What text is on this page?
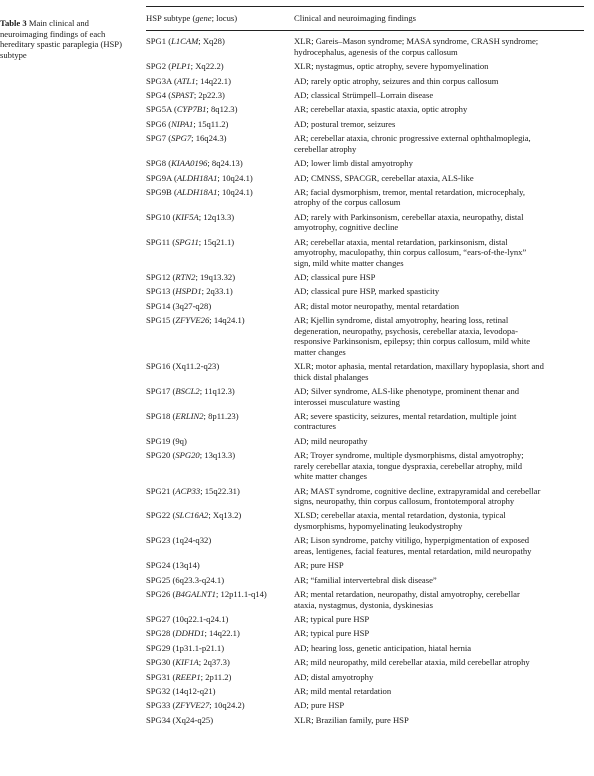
Table 3 Main clinical and neuroimaging findings of each hereditary spastic paraplegia (HSP) subtype
HSP subtype (gene; locus)	Clinical and neuroimaging findings
SPG1 (L1CAM; Xq28)	XLR; Gareis–Mason syndrome; MASA syndrome, CRASH syndrome;
hydrocephalus, agenesis of the corpus callosum
SPG2 (PLP1; Xq22.2)	XLR; nystagmus, optic atrophy, severe hypomyelination
SPG3A (ATL1; 14q22.1)	AD; rarely optic atrophy, seizures and thin corpus callosum
SPG4 (SPAST; 2p22.3)	AD; classical Strümpell–Lorrain disease
SPG5A (CYP7B1; 8q12.3)	AR; cerebellar ataxia, spastic ataxia, optic atrophy
SPG6 (NIPA1; 15q11.2)	AD; postural tremor, seizures
SPG7 (SPG7; 16q24.3)	AR; cerebellar ataxia, chronic progressive external ophthalmoplegia,
cerebellar atrophy
SPG8 (KIAA0196; 8q24.13)	AD; lower limb distal amyotrophy
SPG9A (ALDH18A1; 10q24.1)	AD; CMNSS, SPACGR, cerebellar ataxia, ALS-like
SPG9B (ALDH18A1; 10q24.1)	AR; facial dysmorphism, tremor, mental retardation, microcephaly,
atrophy of the corpus callosum
SPG10 (KIF5A; 12q13.3)	AD; rarely with Parkinsonism, cerebellar ataxia, neuropathy, distal
amyotrophy, cognitive decline
SPG11 (SPG11; 15q21.1)	AR; cerebellar ataxia, mental retardation, parkinsonism, distal
amyotrophy, maculopathy, thin corpus callosum, “ears-of-the-lynx”
sign, mild white matter changes
SPG12 (RTN2; 19q13.32)	AD; classical pure HSP
SPG13 (HSPD1; 2q33.1)	AD; classical pure HSP, marked spasticity
SPG14 (3q27-q28)	AR; distal motor neuropathy, mental retardation
SPG15 (ZFYVE26; 14q24.1)	AR; Kjellin syndrome, distal amyotrophy, hearing loss, retinal
degeneration, neuropathy, psychosis, cerebellar ataxia, levodopa-
responsive Parkinsonism, epilepsy; thin corpus callosum, mild white
matter changes
SPG16 (Xq11.2-q23)	XLR; motor aphasia, mental retardation, maxillary hypoplasia, short and
thick distal phalanges
SPG17 (BSCL2; 11q12.3)	AD; Silver syndrome, ALS-like phenotype, prominent thenar and
interossei musculature wasting
SPG18 (ERLIN2; 8p11.23)	AR; severe spasticity, seizures, mental retardation, multiple joint
contractures
SPG19 (9q)	AD; mild neuropathy
SPG20 (SPG20; 13q13.3)	AR; Troyer syndrome, multiple dysmorphisms, distal amyotrophy;
rarely cerebellar ataxia, tongue dyspraxia, cerebellar atrophy, mild
white matter changes
SPG21 (ACP33; 15q22.31)	AR; MAST syndrome, cognitive decline, extrapyramidal and cerebellar
signs, neuropathy, thin corpus callosum, frontotemporal atrophy
SPG22 (SLC16A2; Xq13.2)	XLSD; cerebellar ataxia, mental retardation, dystonia, typical
dysmorphisms, hypomyelinating leukodystrophy
SPG23 (1q24-q32)	AR; Lison syndrome, patchy vitiligo, hyperpigmentation of exposed
areas, lentigenes, facial features, mental retardation, mild neuropathy
SPG24 (13q14)	AR; pure HSP
SPG25 (6q23.3-q24.1)	AR; “familial intervertebral disk disease”
SPG26 (B4GALNT1; 12p11.1-q14)	AR; mental retardation, neuropathy, distal amyotrophy, cerebellar
ataxia, nystagmus, dystonia, dyskinesias
SPG27 (10q22.1-q24.1)	AR; typical pure HSP
SPG28 (DDHD1; 14q22.1)	AR; typical pure HSP
SPG29 (1p31.1-p21.1)	AD; hearing loss, genetic anticipation, hiatal hernia
SPG30 (KIF1A; 2q37.3)	AR; mild neuropathy, mild cerebellar ataxia, mild cerebellar atrophy
SPG31 (REEP1; 2p11.2)	AD; distal amyotrophy
SPG32 (14q12-q21)	AR; mild mental retardation
SPG33 (ZFYVE27; 10q24.2)	AD; pure HSP
SPG34 (Xq24-q25)	XLR; Brazilian family, pure HSP
